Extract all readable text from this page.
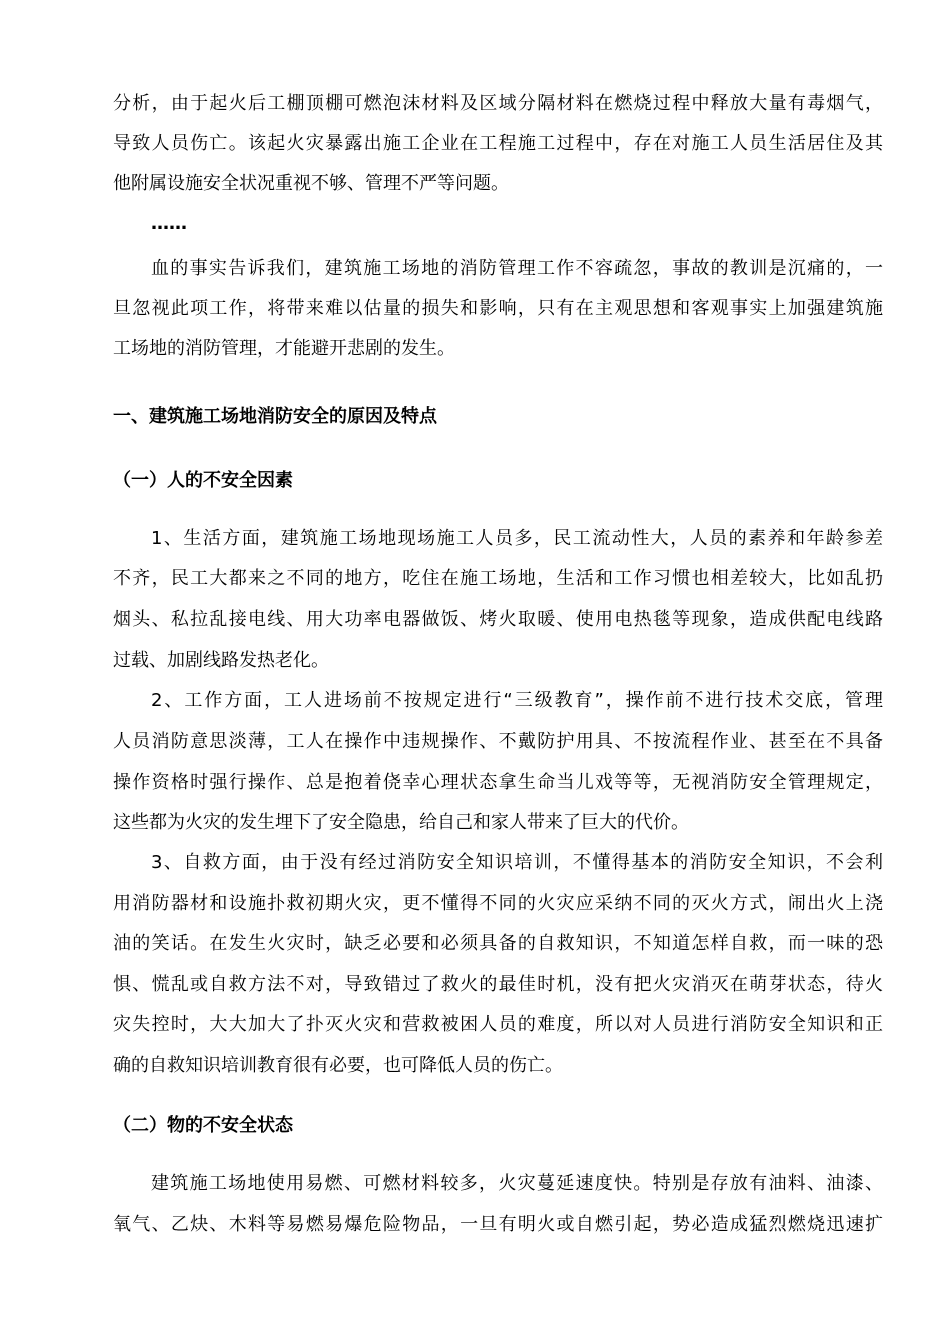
分析，由于起火后工棚顶棚可燃泡沫材料及区域分隔材料在燃烧过程中释放大量有毒烟气，
导致人员伤亡。该起火灾暴露出施工企业在工程施工过程中，存在对施工人员生活居住及其
他附属设施安全状况重视不够、管理不严等问题。
……
血的事实告诉我们，建筑施工场地的消防管理工作不容疏忽，事故的教训是沉痛的，一
旦忽视此项工作，将带来难以估量的损失和影响，只有在主观思想和客观事实上加强建筑施
工场地的消防管理，才能避开悲剧的发生。
一、建筑施工场地消防安全的原因及特点
（一）人的不安全因素
1、生活方面，建筑施工场地现场施工人员多，民工流动性大，人员的素养和年龄参差
不齐，民工大都来之不同的地方，吃住在施工场地，生活和工作习惯也相差较大，比如乱扔
烟头、私拉乱接电线、用大功率电器做饭、烤火取暖、使用电热毯等现象，造成供配电线路
过载、加剧线路发热老化。
2、工作方面，工人进场前不按规定进行“三级教育”，操作前不进行技术交底，管理
人员消防意思淡薄，工人在操作中违规操作、不戴防护用具、不按流程作业、甚至在不具备
操作资格时强行操作、总是抱着侥幸心理状态拿生命当儿戏等等，无视消防安全管理规定，
这些都为火灾的发生埋下了安全隐患，给自己和家人带来了巨大的代价。
3、自救方面，由于没有经过消防安全知识培训，不懂得基本的消防安全知识，不会利
用消防器材和设施扑救初期火灾，更不懂得不同的火灾应采纳不同的灭火方式，闹出火上浇
油的笑话。在发生火灾时，缺乏必要和必须具备的自救知识，不知道怎样自救，而一味的恐
惧、慌乱或自救方法不对，导致错过了救火的最佳时机，没有把火灾消灭在萌芽状态，待火
灾失控时，大大加大了扑灭火灾和营救被困人员的难度，所以对人员进行消防安全知识和正
确的自救知识培训教育很有必要，也可降低人员的伤亡。
（二）物的不安全状态
建筑施工场地使用易燃、可燃材料较多，火灾蔓延速度快。特别是存放有油料、油漆、
氧气、乙炔、木料等易燃易爆危险物品，一旦有明火或自燃引起，势必造成猛烈燃烧迅速扩
